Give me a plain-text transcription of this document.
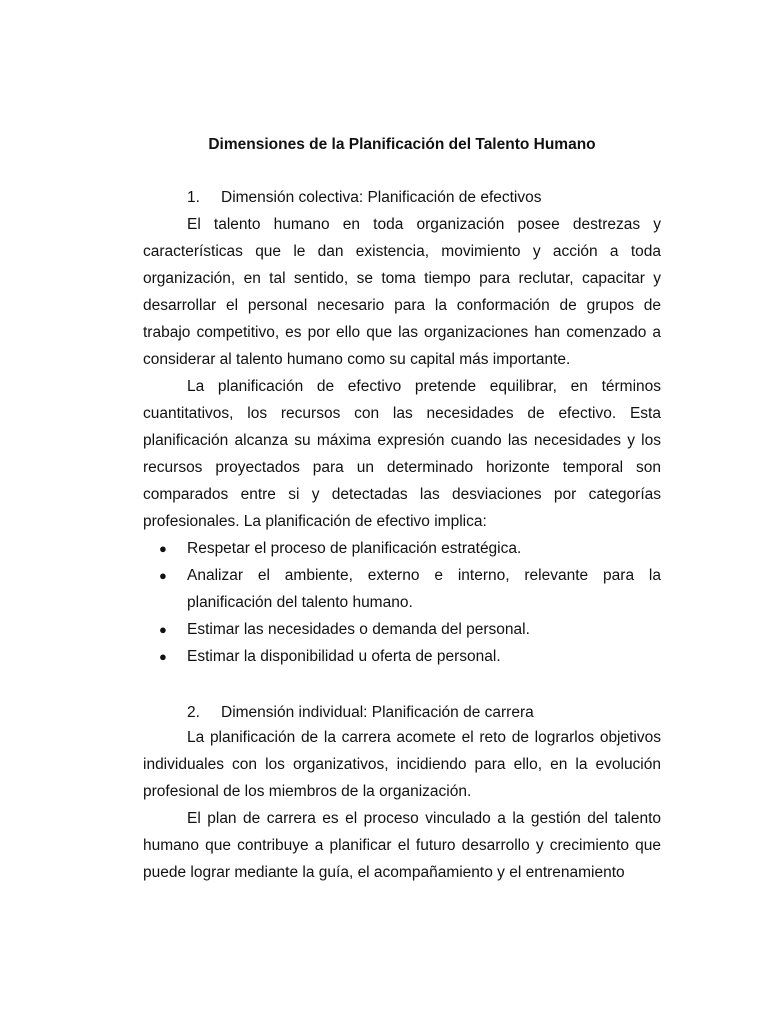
Dimensiones de la Planificación del Talento Humano
1. Dimensión colectiva: Planificación de efectivos

El talento humano en toda organización posee destrezas y características que le dan existencia, movimiento y acción a toda organización, en tal sentido, se toma tiempo para reclutar, capacitar y desarrollar el personal necesario para la conformación de grupos de trabajo competitivo, es por ello que las organizaciones han comenzado a considerar al talento humano como su capital más importante.

La planificación de efectivo pretende equilibrar, en términos cuantitativos, los recursos con las necesidades de efectivo. Esta planificación alcanza su máxima expresión cuando las necesidades y los recursos proyectados para un determinado horizonte temporal son comparados entre si y detectadas las desviaciones por categorías profesionales. La planificación de efectivo implica:

● Respetar el proceso de planificación estratégica.
● Analizar el ambiente, externo e interno, relevante para la planificación del talento humano.
● Estimar las necesidades o demanda del personal.
● Estimar la disponibilidad u oferta de personal.
2. Dimensión individual: Planificación de carrera

La planificación de la carrera acomete el reto de lograrlos objetivos individuales con los organizativos, incidiendo para ello, en la evolución profesional de los miembros de la organización.

El plan de carrera es el proceso vinculado a la gestión del talento humano que contribuye a planificar el futuro desarrollo y crecimiento que puede lograr mediante la guía, el acompañamiento y el entrenamiento
